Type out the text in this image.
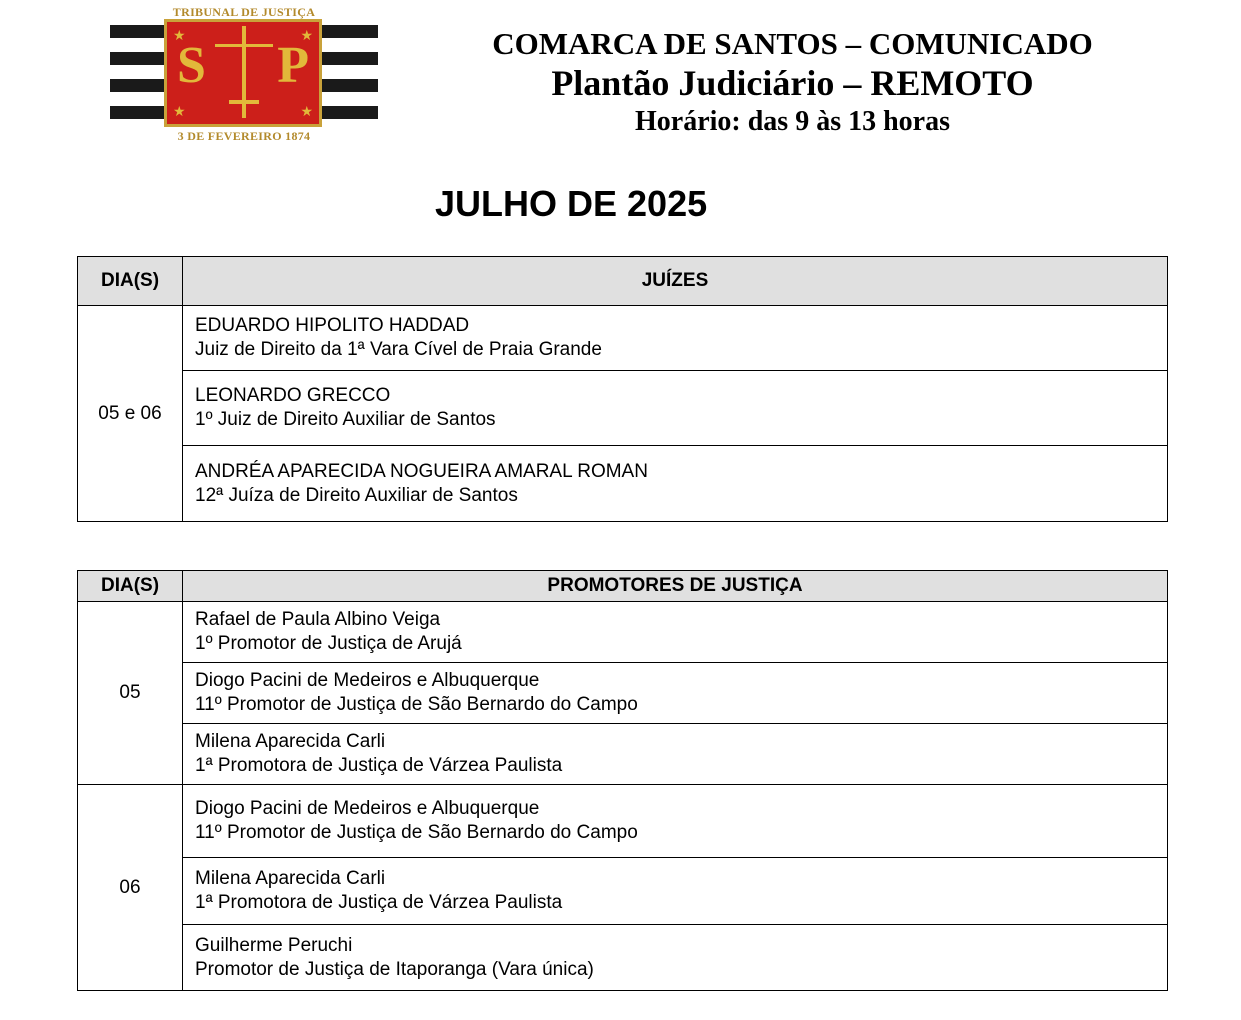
TRIBUNAL DE JUSTIÇA
★	★
★	★
S P
3 DE FEVEREIRO 1874
COMARCA DE SANTOS – COMUNICADO
Plantão Judiciário – REMOTO
Horário: das 9 às 13 horas
JULHO DE 2025
DIA(S)	JUÍZES
05 e 06	EDUARDO HIPOLITO HADDAD
Juiz de Direito da 1ª Vara Cível de Praia Grande

	LEONARDO GRECCO
1º Juiz de Direito Auxiliar de Santos

	ANDRÉA APARECIDA NOGUEIRA AMARAL ROMAN
12ª Juíza de Direito Auxiliar de Santos
DIA(S)	PROMOTORES DE JUSTIÇA
05	Rafael de Paula Albino Veiga
1º Promotor de Justiça de Arujá

	Diogo Pacini de Medeiros e Albuquerque
11º Promotor de Justiça de São Bernardo do Campo

	Milena Aparecida Carli
1ª Promotora de Justiça de Várzea Paulista

06	Diogo Pacini de Medeiros e Albuquerque
11º Promotor de Justiça de São Bernardo do Campo

	Milena Aparecida Carli
1ª Promotora de Justiça de Várzea Paulista

	Guilherme Peruchi
Promotor de Justiça de Itaporanga (Vara única)
